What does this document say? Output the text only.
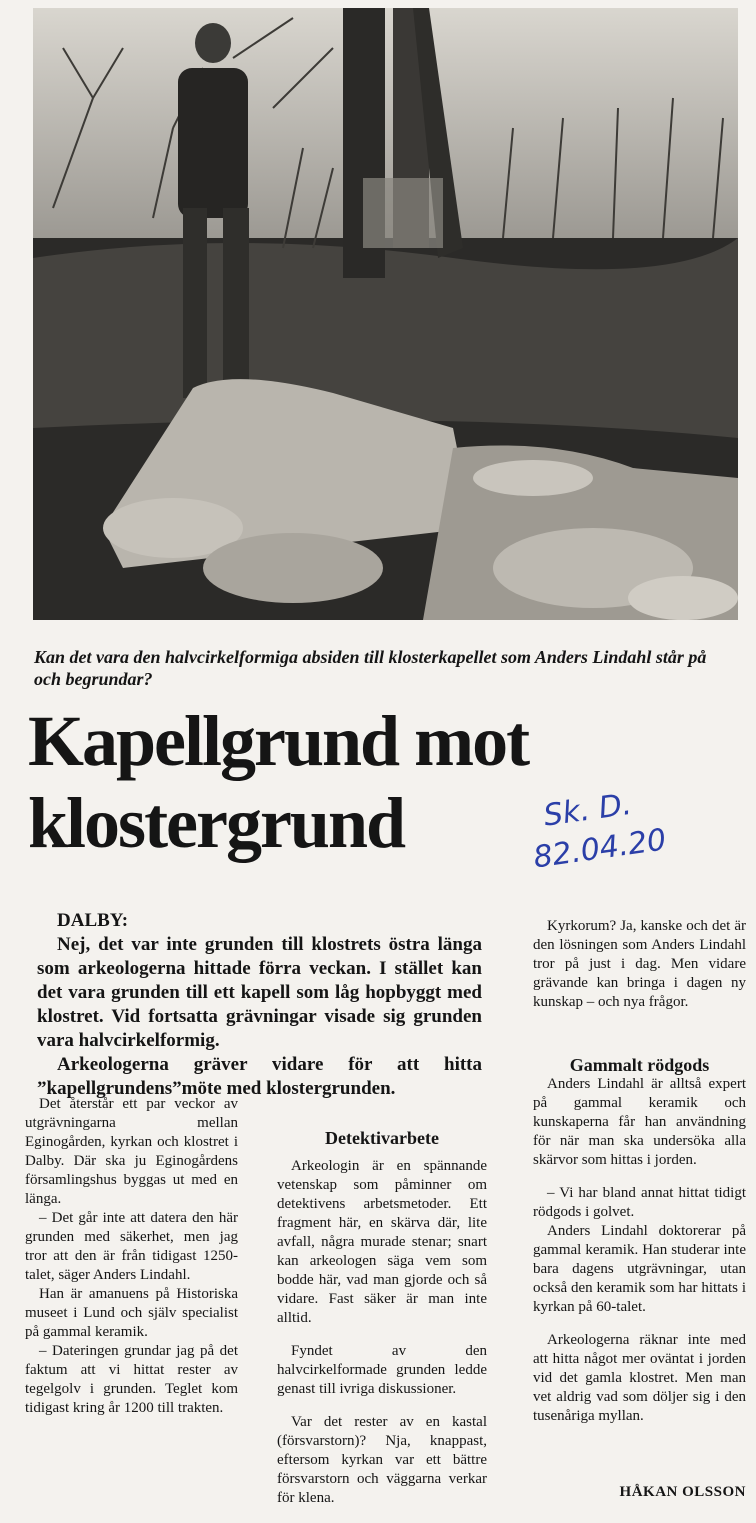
Kan det vara den halvcirkelformiga absiden till klosterkapellet som Anders Lindahl står på och begrundar?
Kapellgrund mot
klostergrund	Sk. D.
82.04.20
DALBY:

Nej, det var inte grunden till klostrets östra länga som arkeologerna hittade förra veckan. I stället kan det vara grunden till ett kapell som låg hopbyggt med klostret. Vid fortsatta grävningar visade sig grunden vara halvcirkelformig.

Arkeologerna gräver vidare för att hitta ”kapellgrundens”möte med klostergrunden.

Det återstår ett par veckor av utgrävningarna mellan Eginogården, kyrkan och klostret i Dalby. Där ska ju Eginogårdens församlingshus byggas ut med en länga.

– Det går inte att datera den här grunden med säkerhet, men jag tror att den är från tidigast 1250-talet, säger Anders Lindahl.

Han är amanuens på Historiska museet i Lund och själv specialist på gammal keramik.

– Dateringen grundar jag på det faktum att vi hittat rester av tegelgolv i grunden. Teglet kom tidigast kring år 1200 till trakten.

Detektivarbete

Arkeologin är en spännande vetenskap som påminner om detektivens arbetsmetoder. Ett fragment här, en skärva där, lite avfall, några murade stenar; snart kan arkeologen säga vem som bodde här, vad man gjorde och så vidare. Fast säker är man inte alltid.

Fyndet av den halvcirkelformade grunden ledde genast till ivriga diskussioner.

Var det rester av en kastal (försvarstorn)? Nja, knappast, eftersom kyrkan var ett bättre försvarstorn och väggarna verkar för klena.

Kyrkorum? Ja, kanske och det är den lösningen som Anders Lindahl tror på just i dag. Men vidare grävande kan bringa i dagen ny kunskap – och nya frågor.

Anders Lindahl är alltså expert på gammal keramik och kunskaperna får han användning för när man ska undersöka alla skärvor som hittas i jorden.

– Vi har bland annat hittat tidigt rödgods i golvet.

Anders Lindahl doktorerar på gammal keramik. Han studerar inte bara dagens utgrävningar, utan också den keramik som har hittats i kyrkan på 60-talet.

Arkeologerna räknar inte med att hitta något mer oväntat i jorden vid det gamla klostret. Men man vet aldrig vad som döljer sig i den tusenåriga myllan.

Gammalt rödgods
HÅKAN OLSSON
